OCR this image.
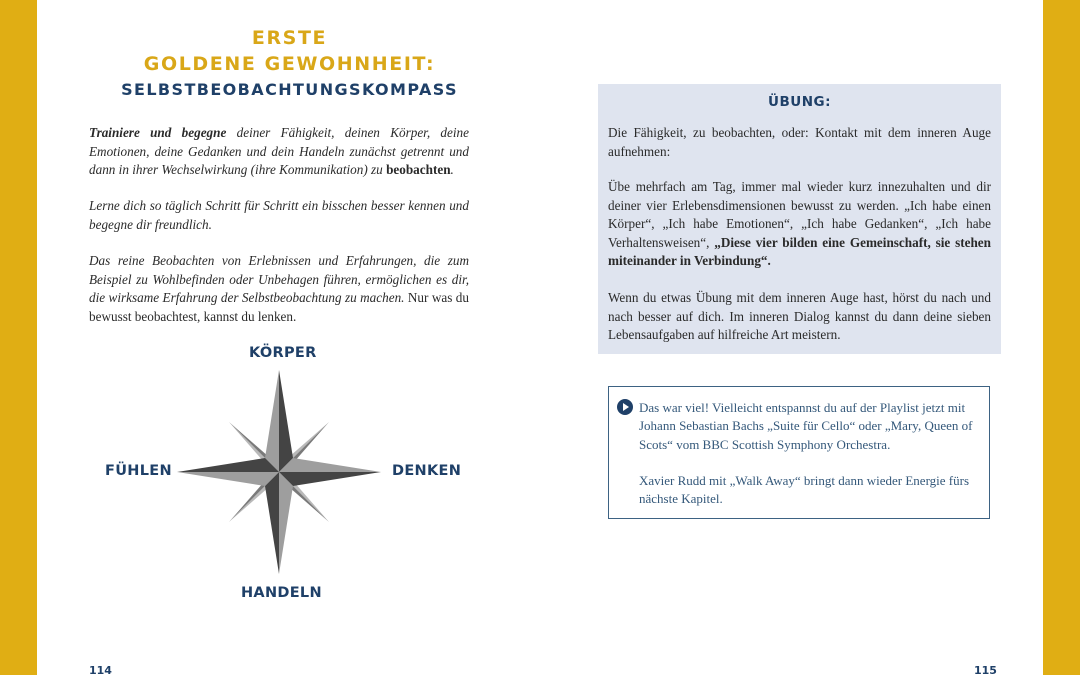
ERSTE
GOLDENE GEWOHNHEIT:
SELBSTBEOBACHTUNGSKOMPASS

Trainiere und begegne deiner Fähigkeit, deinen Körper, deine Emotionen, deine Gedanken und dein Handeln zunächst getrennt und dann in ihrer Wechselwirkung (ihre Kommunikation) zu beobachten.

Lerne dich so täglich Schritt für Schritt ein bisschen besser kennen und begegne dir freundlich.

Das reine Beobachten von Erlebnissen und Erfahrungen, die zum Beispiel zu Wohlbefinden oder Unbehagen führen, ermöglichen es dir, die wirksame Erfahrung der Selbstbeobachtung zu machen. Nur was du bewusst beobachtest, kannst du lenken.

KÖRPER
FÜHLEN	DENKEN
HANDELN
114
ÜBUNG:

Die Fähigkeit, zu beobachten, oder: Kontakt mit dem inneren Auge aufnehmen:

Übe mehrfach am Tag, immer mal wieder kurz innezuhalten und dir deiner vier Erlebensdimensionen bewusst zu werden. „Ich habe einen Körper“, „Ich habe Emotionen“, „Ich habe Gedanken“, „Ich habe Verhaltensweisen“, „Diese vier bilden eine Gemeinschaft, sie stehen miteinander in Verbindung“.

Wenn du etwas Übung mit dem inneren Auge hast, hörst du nach und nach besser auf dich. Im inneren Dialog kannst du dann deine sieben Lebensaufgaben auf hilfreiche Art meistern.

Das war viel! Vielleicht entspannst du auf der Playlist jetzt mit Johann Sebastian Bachs „Suite für Cello“ oder „Mary, Queen of Scots“ vom BBC Scottish Symphony Orchestra.

Xavier Rudd mit „Walk Away“ bringt dann wieder Energie fürs nächste Kapitel.

115
